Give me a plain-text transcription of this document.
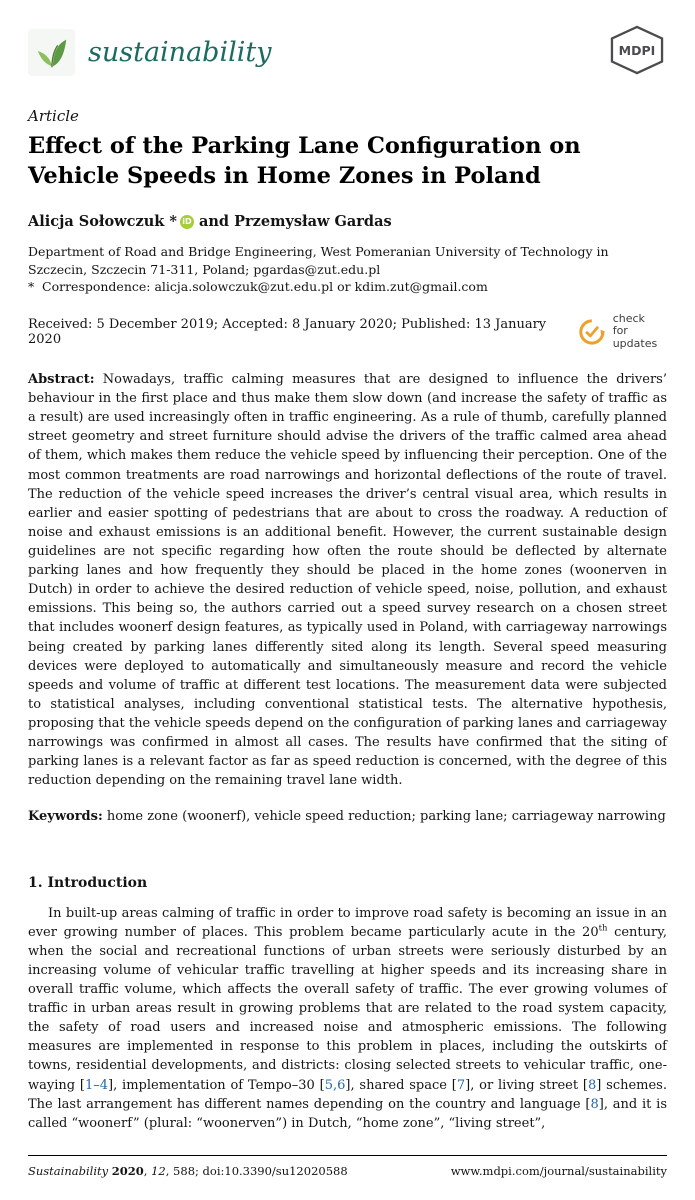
sustainability	MDPI
Article
Effect of the Parking Lane Configuration on Vehicle Speeds in Home Zones in Poland
Alicja Sołowczuk * iD and Przemysław Gardas

Department of Road and Bridge Engineering, West Pomeranian University of Technology in Szczecin, Szczecin 71-311, Poland; pgardas@zut.edu.pl

* Correspondence: alicja.solowczuk@zut.edu.pl or kdim.zut@gmail.com

Received: 5 December 2019; Accepted: 8 January 2020; Published: 13 January 2020
check for
updates

Abstract: Nowadays, traffic calming measures that are designed to influence the drivers’ behaviour in the first place and thus make them slow down (and increase the safety of traffic as a result) are used increasingly often in traffic engineering. As a rule of thumb, carefully planned street geometry and street furniture should advise the drivers of the traffic calmed area ahead of them, which makes them reduce the vehicle speed by influencing their perception. One of the most common treatments are road narrowings and horizontal deflections of the route of travel. The reduction of the vehicle speed increases the driver’s central visual area, which results in earlier and easier spotting of pedestrians that are about to cross the roadway. A reduction of noise and exhaust emissions is an additional benefit. However, the current sustainable design guidelines are not specific regarding how often the route should be deflected by alternate parking lanes and how frequently they should be placed in the home zones (woonerven in Dutch) in order to achieve the desired reduction of vehicle speed, noise, pollution, and exhaust emissions. This being so, the authors carried out a speed survey research on a chosen street that includes woonerf design features, as typically used in Poland, with carriageway narrowings being created by parking lanes differently sited along its length. Several speed measuring devices were deployed to automatically and simultaneously measure and record the vehicle speeds and volume of traffic at different test locations. The measurement data were subjected to statistical analyses, including conventional statistical tests. The alternative hypothesis, proposing that the vehicle speeds depend on the configuration of parking lanes and carriageway narrowings was confirmed in almost all cases. The results have confirmed that the siting of parking lanes is a relevant factor as far as speed reduction is concerned, with the degree of this reduction depending on the remaining travel lane width.

Keywords: home zone (woonerf), vehicle speed reduction; parking lane; carriageway narrowing

1. Introduction

In built-up areas calming of traffic in order to improve road safety is becoming an issue in an ever growing number of places. This problem became particularly acute in the 20th century, when the social and recreational functions of urban streets were seriously disturbed by an increasing volume of vehicular traffic travelling at higher speeds and its increasing share in overall traffic volume, which affects the overall safety of traffic. The ever growing volumes of traffic in urban areas result in growing problems that are related to the road system capacity, the safety of road users and increased noise and atmospheric emissions. The following measures are implemented in response to this problem in places, including the outskirts of towns, residential developments, and districts: closing selected streets to vehicular traffic, one-waying [1–4], implementation of Tempo–30 [5,6], shared space [7], or living street [8] schemes. The last arrangement has different names depending on the country and language [8], and it is called “woonerf” (plural: “woonerven”) in Dutch, “home zone”, “living street”,

Sustainability 2020, 12, 588; doi:10.3390/su12020588	www.mdpi.com/journal/sustainability
